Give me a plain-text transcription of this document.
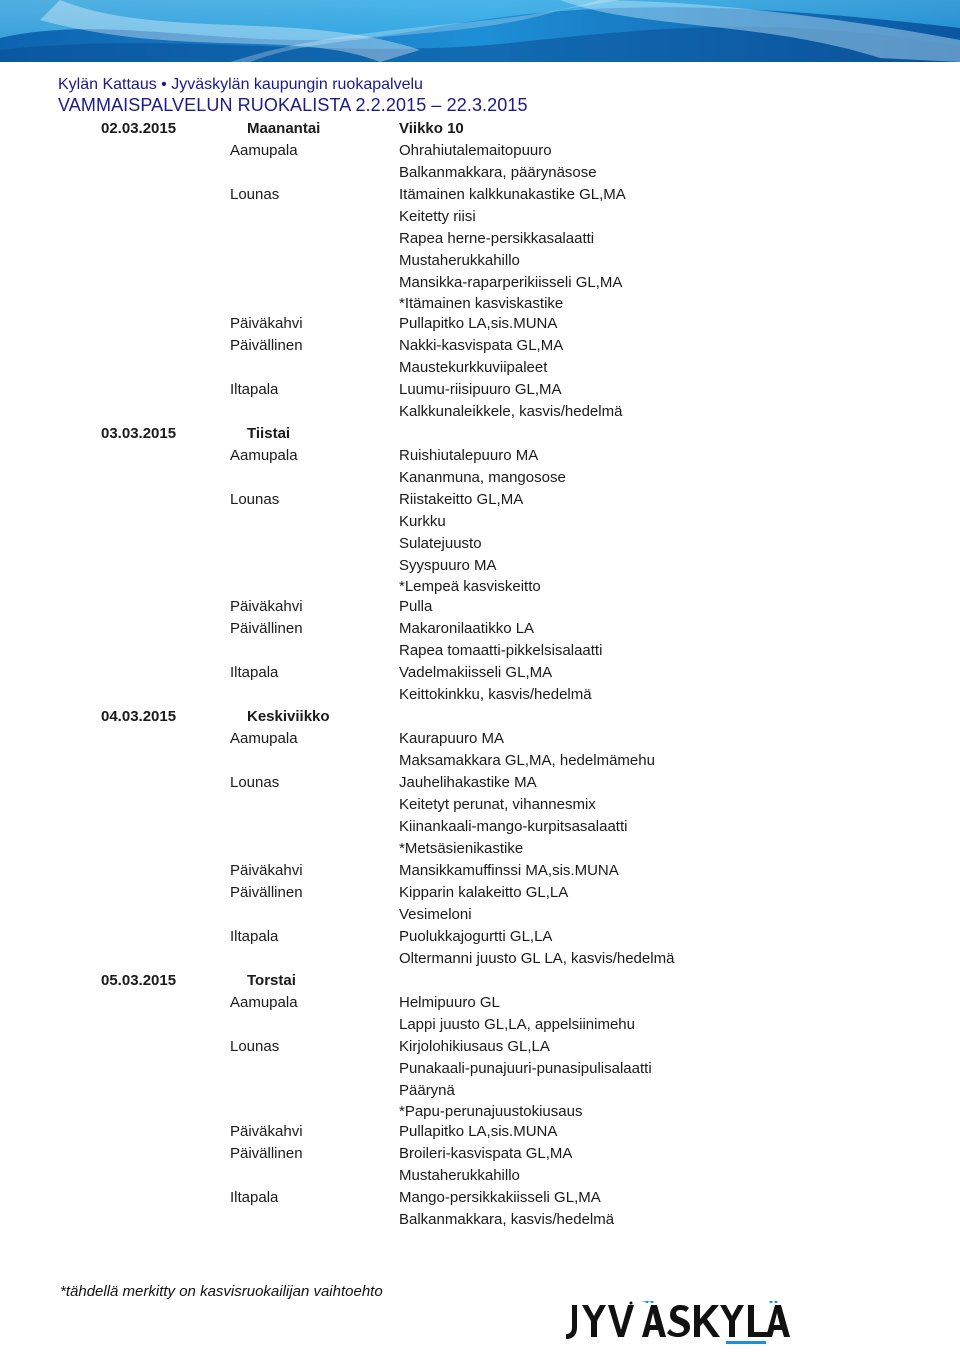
Kylän Kattaus • Jyväskylän kaupungin ruokapalvelu
VAMMAISPALVELUN RUOKALISTA 2.2.2015 – 22.3.2015
02.03.2015	Maanantai	Viikko 10
Aamupala	Ohrahiutalemaitopuuro
Balkanmakkara, päärynäsose
Lounas	Itämainen kalkkunakastike GL,MA
Keitetty riisi
Rapea herne-persikkasalaatti
Mustaherukkahillo
Mansikka-raparperikiisseli GL,MA
*Itämainen kasviskastike
Päiväkahvi	Pullapitko LA,sis.MUNA
Päivällinen	Nakki-kasvispata GL,MA
Maustekurkkuviipaleet
Iltapala	Luumu-riisipuuro GL,MA
Kalkkunaleikkele, kasvis/hedelmä
03.03.2015	Tiistai
Aamupala	Ruishiutalepuuro MA
Kananmuna, mangosose
Lounas	Riistakeitto GL,MA
Kurkku
Sulatejuusto
Syyspuuro MA
*Lempeä kasviskeitto
Päiväkahvi	Pulla
Päivällinen	Makaronilaatikko LA
Rapea tomaatti-pikkelsisalaatti
Iltapala	Vadelmakiisseli GL,MA
Keittokinkku, kasvis/hedelmä
04.03.2015	Keskiviikko
Aamupala	Kaurapuuro MA
Maksamakkara GL,MA, hedelmämehu
Lounas	Jauhelihakastike MA
Keitetyt perunat, vihannesmix
Kiinankaali-mango-kurpitsasalaatti
*Metsäsienikastike
Päiväkahvi	Mansikkamuffinssi MA,sis.MUNA
Päivällinen	Kipparin kalakeitto GL,LA
Vesimeloni
Iltapala	Puolukkajogurtti GL,LA
Oltermanni juusto GL LA, kasvis/hedelmä
05.03.2015	Torstai
Aamupala	Helmipuuro GL
Lappi juusto GL,LA, appelsiinimehu
Lounas	Kirjolohikiusaus GL,LA
Punakaali-punajuuri-punasipulisalaatti
Päärynä
*Papu-perunajuustokiusaus
Päiväkahvi	Pullapitko LA,sis.MUNA
Päivällinen	Broileri-kasvispata GL,MA
Mustaherukkahillo
Iltapala	Mango-persikkakiisseli GL,MA
Balkanmakkara, kasvis/hedelmä
*tähdellä merkitty on kasvisruokailijan vaihtoehto
